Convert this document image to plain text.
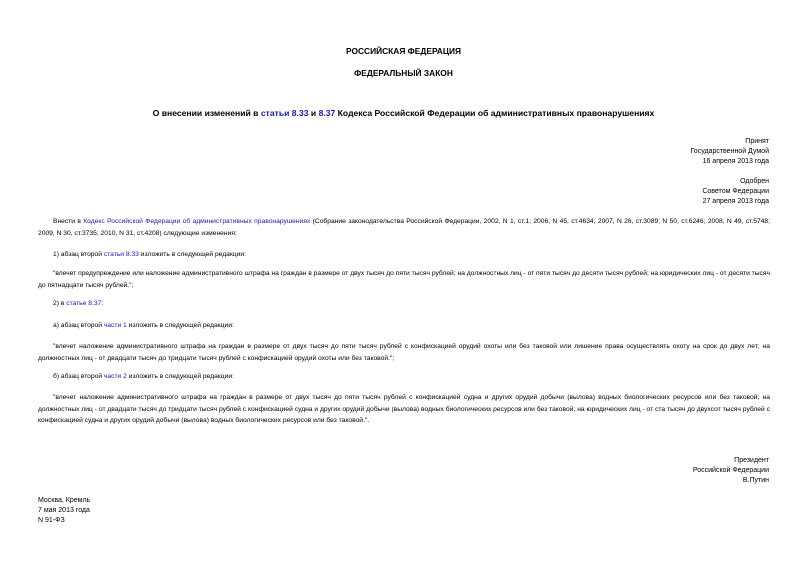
РОССИЙСКАЯ ФЕДЕРАЦИЯ
ФЕДЕРАЛЬНЫЙ ЗАКОН
О внесении изменений в статьи 8.33 и 8.37 Кодекса Российской Федерации об административных правонарушениях
Принят
Государственной Думой
16 апреля 2013 года
Одобрен
Советом Федерации
27 апреля 2013 года
Внести в Кодекс Российской Федерации об административных правонарушениях (Собрание законодательства Российской Федерации, 2002, N 1, ст.1; 2006, N 45, ст.4634; 2007, N 26, ст.3089; N 50, ст.6246; 2008, N 49, ст.5748; 2009, N 30, ст.3735; 2010, N 31, ст.4208) следующие изменения:
1) абзац второй статьи 8.33 изложить в следующей редакции:
"влечет предупреждение или наложение административного штрафа на граждан в размере от двух тысяч до пяти тысяч рублей; на должностных лиц - от пяти тысяч до десяти тысяч рублей; на юридических лиц - от десяти тысяч до пятнадцати тысяч рублей.";
2) в статье 8.37:
а) абзац второй части 1 изложить в следующей редакции:
"влечет наложение административного штрафа на граждан в размере от двух тысяч до пяти тысяч рублей с конфискацией орудий охоты или без таковой или лишение права осуществлять охоту на срок до двух лет; на должностных лиц - от двадцати тысяч до тридцати тысяч рублей с конфискацией орудий охоты или без таковой.";
б) абзац второй части 2 изложить в следующей редакции:
"влечет наложение административного штрафа на граждан в размере от двух тысяч до пяти тысяч рублей с конфискацией судна и других орудий добычи (вылова) водных биологических ресурсов или без таковой; на должностных лиц - от двадцати тысяч до тридцати тысяч рублей с конфискацией судна и других орудий добычи (вылова) водных биологических ресурсов или без таковой; на юридических лиц - от ста тысяч до двухсот тысяч рублей с конфискацией судна и других орудий добычи (вылова) водных биологических ресурсов или без таковой.".
Президент
Российской Федерации
В.Путин
Москва, Кремль
7 мая 2013 года
N 91-ФЗ
